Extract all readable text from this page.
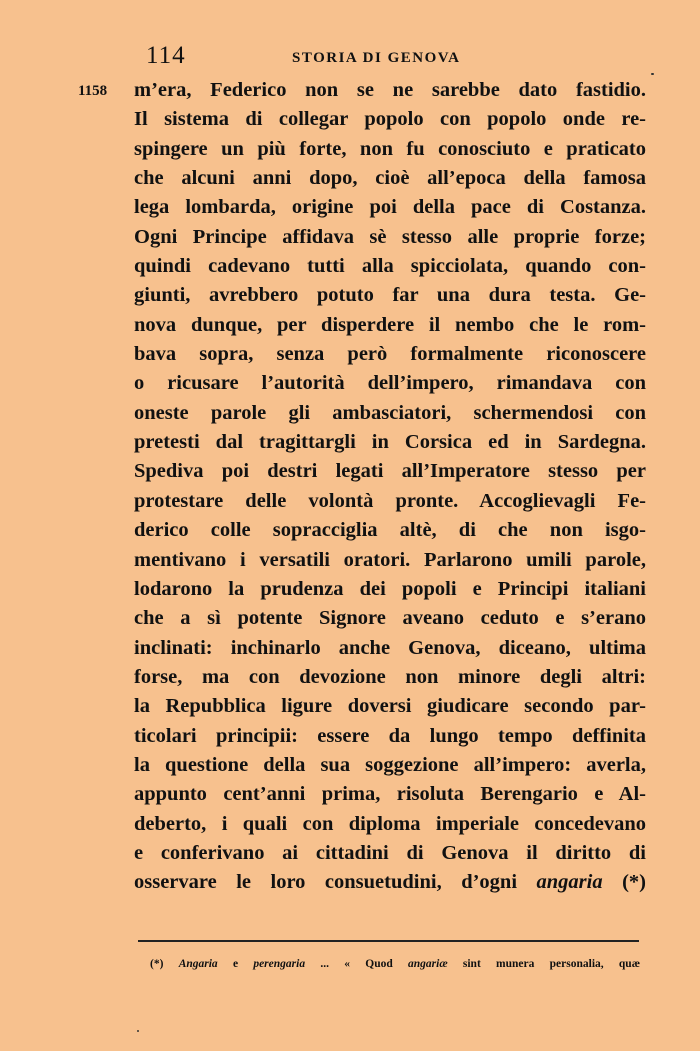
114	STORIA DI GENOVA
1158 m’era, Federico non se ne sarebbe dato fastidio.
Il sistema di collegar popolo con popolo onde re-
spingere un più forte, non fu conosciuto e praticato
che alcuni anni dopo, cioè all’epoca della famosa
lega lombarda, origine poi della pace di Costanza.
Ogni Principe affidava sè stesso alle proprie forze;
quindi cadevano tutti alla spicciolata, quando con-
giunti, avrebbero potuto far una dura testa. Ge-
nova dunque, per disperdere il nembo che le rom-
bava sopra, senza però formalmente riconoscere
o ricusare l’autorità dell’impero, rimandava con
oneste parole gli ambasciatori, schermendosi con
pretesti dal tragittargli in Corsica ed in Sardegna.
Spediva poi destri legati all’Imperatore stesso per
protestare delle volontà pronte. Accoglievagli Fe-
derico colle sopracciglia altè, di che non isgo-
mentivano i versatili oratori. Parlarono umili parole,
lodarono la prudenza dei popoli e Principi italiani
che a sì potente Signore aveano ceduto e s’erano
inclinati: inchinarlo anche Genova, diceano, ultima
forse, ma con devozione non minore degli altri:
la Repubblica ligure doversi giudicare secondo par-
ticolari principii: essere da lungo tempo deffinita
la questione della sua soggezione all’impero: averla,
appunto cent’anni prima, risoluta Berengario e Al-
deberto, i quali con diploma imperiale concedevano
e conferivano ai cittadini di Genova il diritto di
osservare le loro consuetudini, d’ogni angaria (*)
(*) Angaria e perengaria ... « Quod angariæ sint munera personalia, quæ
